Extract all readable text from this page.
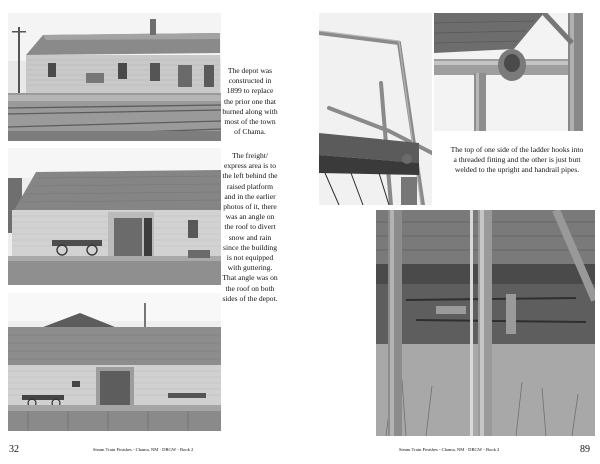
The depot was constructed in 1899 to replace the prior one that burned along with most of the town of Chama.
The freight/ express area is to the left behind the raised platform and in the earlier photos of it, there was an angle on the roof to divert snow and rain since the building is not equipped with guttering. That angle was on the roof on both sides of the depot.
32	Steam Train Finishes - Chama, NM · DRGW - Book 2
The top of one side of the ladder hooks into a threaded fitting and the other is just butt welded to the upright and handrail pipes.
Steam Train Finishes - Chama, NM · DRGW - Book 2	89
